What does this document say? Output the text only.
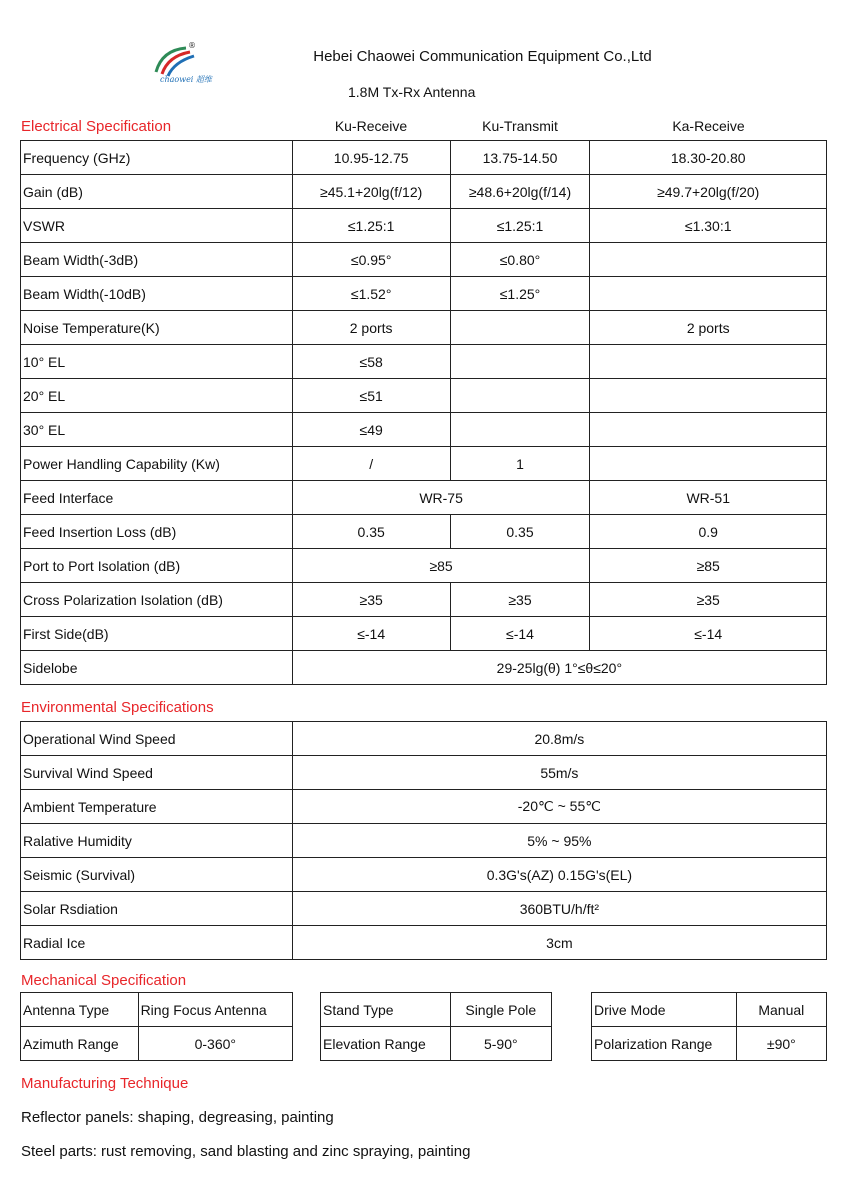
®
chaowei 超维
Hebei Chaowei Communication Equipment Co.,Ltd
1.8M Tx-Rx Antenna
Electrical Specification	Ku-Receive	Ku-Transmit	Ka-Receive
Frequency (GHz)	10.95-12.75	13.75-14.50	18.30-20.80
Gain (dB)	≥45.1+20lg(f/12)	≥48.6+20lg(f/14)	≥49.7+20lg(f/20)
VSWR	≤1.25:1	≤1.25:1	≤1.30:1
Beam Width(-3dB)	≤0.95°	≤0.80°	
Beam Width(-10dB)	≤1.52°	≤1.25°	
Noise Temperature(K)	2 ports		2 ports
10° EL	≤58		
20° EL	≤51		
30° EL	≤49		
Power Handling Capability (Kw)	/	1	
Feed Interface	WR-75		WR-51
Feed Insertion Loss (dB)	0.35	0.35	0.9
Port to Port Isolation (dB)	≥85		≥85
Cross Polarization Isolation (dB)	≥35	≥35	≥35
First Side(dB)	≤-14	≤-14	≤-14
Sidelobe	29-25lg(θ) 1°≤θ≤20°		
Environmental Specifications
Operational Wind Speed	20.8m/s
Survival Wind Speed	55m/s
Ambient Temperature	-20℃ ~ 55℃
Ralative Humidity	5% ~ 95%
Seismic (Survival)	0.3G's(AZ) 0.15G's(EL)
Solar Rsdiation	360BTU/h/ft²
Radial Ice	3cm
Mechanical Specification
Antenna Type	Ring Focus Antenna
Azimuth Range	0-360°
Stand Type	Single Pole
Elevation Range	5-90°
Drive Mode	Manual
Polarization Range	±90°
Manufacturing Technique
Reflector panels: shaping, degreasing, painting
Steel parts: rust removing, sand blasting and zinc spraying, painting
